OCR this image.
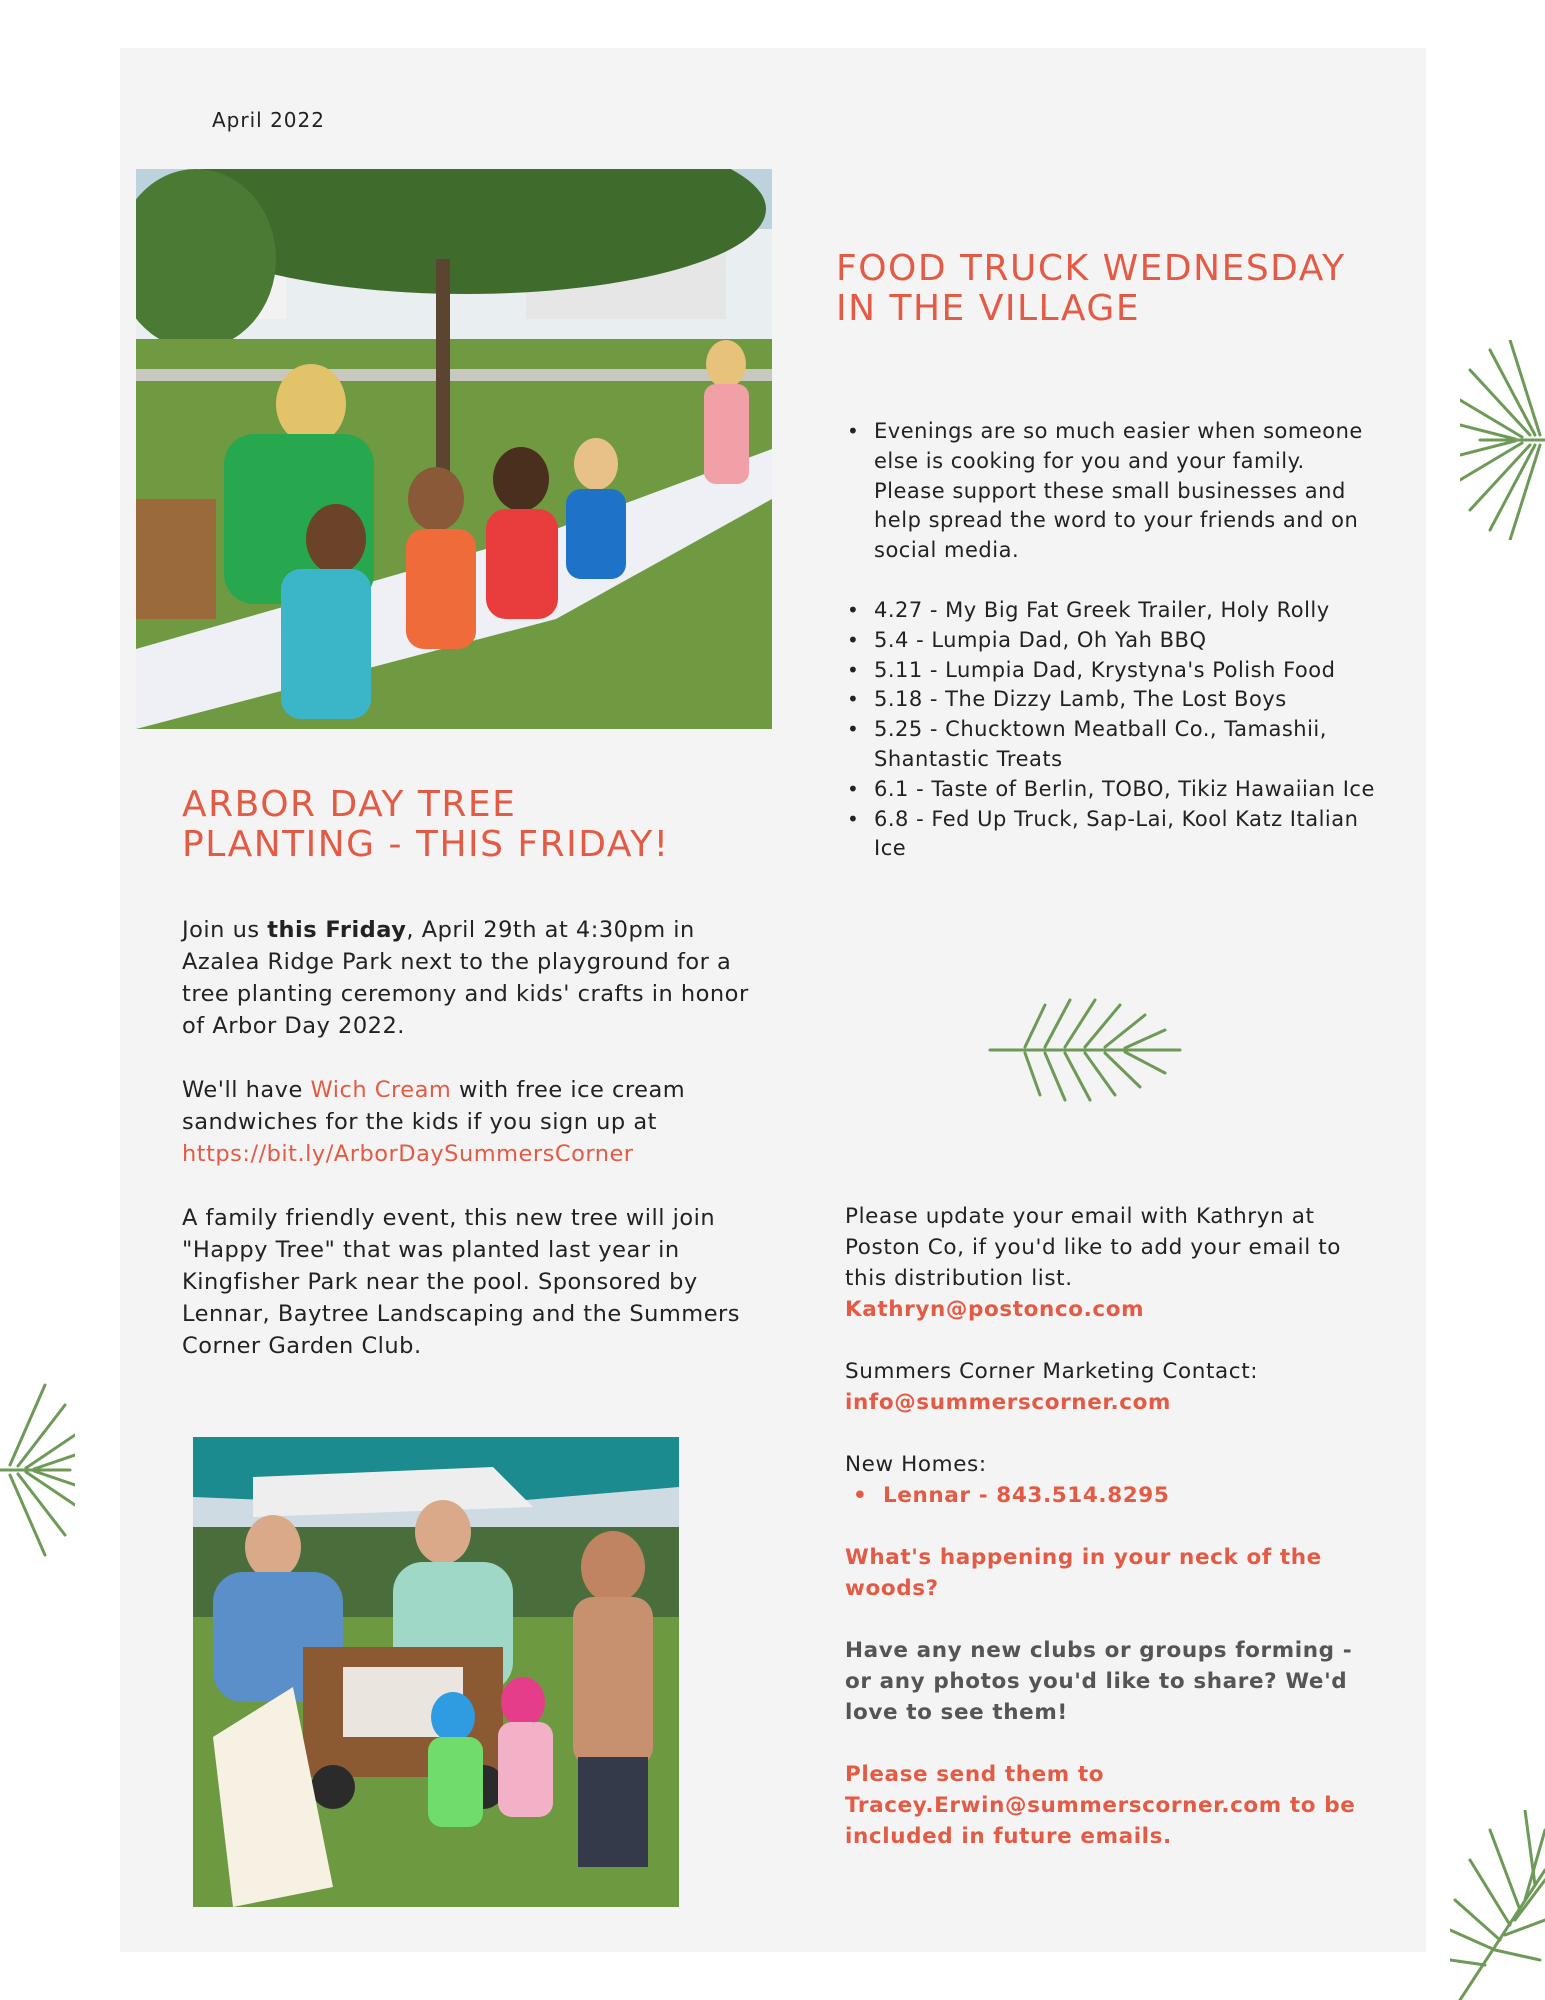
April 2022
FOOD TRUCK WEDNESDAY
IN THE VILLAGE
• Evenings are so much easier when someone else is cooking for you and your family. Please support these small businesses and help spread the word to your friends and on social media.
• 4.27 - My Big Fat Greek Trailer, Holy Rolly
• 5.4 - Lumpia Dad, Oh Yah BBQ
• 5.11 - Lumpia Dad, Krystyna's Polish Food
• 5.18 - The Dizzy Lamb, The Lost Boys
• 5.25 - Chucktown Meatball Co., Tamashii, Shantastic Treats
• 6.1 - Taste of Berlin, TOBO, Tikiz Hawaiian Ice
• 6.8 - Fed Up Truck, Sap-Lai, Kool Katz Italian Ice
ARBOR DAY TREE
PLANTING - THIS FRIDAY!

Join us this Friday, April 29th at 4:30pm in Azalea Ridge Park next to the playground for a tree planting ceremony and kids' crafts in honor of Arbor Day 2022.

We'll have Wich Cream with free ice cream sandwiches for the kids if you sign up at
https://bit.ly/ArborDaySummersCorner

A family friendly event, this new tree will join "Happy Tree" that was planted last year in Kingfisher Park near the pool. Sponsored by Lennar, Baytree Landscaping and the Summers Corner Garden Club.

Please update your email with Kathryn at Poston Co, if you'd like to add your email to this distribution list.
Kathryn@postonco.com

Summers Corner Marketing Contact:
info@summerscorner.com

New Homes:
• Lennar - 843.514.8295

What's happening in your neck of the woods?

Have any new clubs or groups forming - or any photos you'd like to share? We'd love to see them!

Please send them to Tracey.Erwin@summerscorner.com to be included in future emails.
